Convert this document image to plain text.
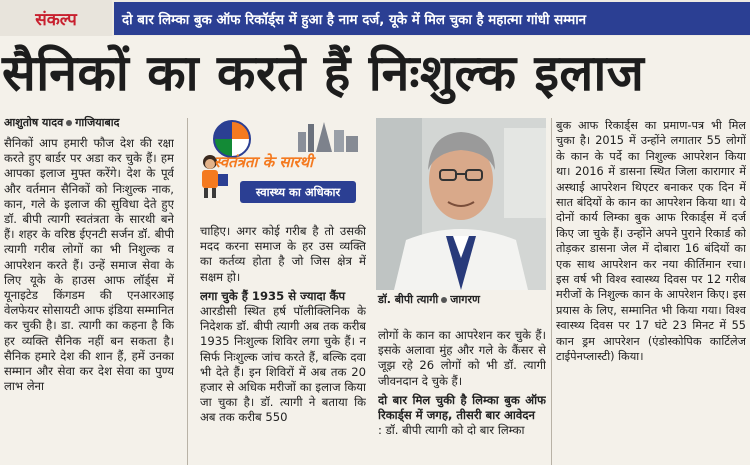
संकल्प	दो बार लिम्का बुक ऑफ रिकॉर्ड्स में हुआ है नाम दर्ज, यूके में मिल चुका है महात्मा गांधी सम्मान
सैनिकों का करते हैं निःशुल्क इलाज
आशुतोष यादव गाजियाबाद

सैनिकों आप हमारी फौज देश की रक्षा करते हुए बार्डर पर अडा कर चुके हैं। हम आपका इलाज मुफ्त करेंगे। देश के पूर्व और वर्तमान सैनिकों को निःशुल्क नाक, कान, गले के इलाज की सुविधा देते हुए डॉ. बीपी त्यागी स्वतंत्रता के सारथी बने हैं। शहर के वरिष्ठ ईएनटी सर्जन डॉ. बीपी त्यागी गरीब लोगों का भी निशुल्क व आपरेशन करते हैं। उन्हें समाज सेवा के लिए यूके के हाउस आफ लॉर्ड्स में यूनाइटेड किंगडम की एनआरआइ वेलफेयर सोसायटी आफ इंडिया सम्मानित कर चुकी है। डा. त्यागी का कहना है कि हर व्यक्ति सैनिक नहीं बन सकता है। सैनिक हमारे देश की शान हैं, हमें उनका सम्मान और सेवा कर देश सेवा का पुण्य लाभ लेना

स्वतंत्रता के सारथी
स्वास्थ्य का अधिकार

चाहिए। अगर कोई गरीब है तो उसकी मदद करना समाज के हर उस व्यक्ति का कर्तव्य होता है जो जिस क्षेत्र में सक्षम हो।

लगा चुके हैं 1935 से ज्यादा कैंप

आरडीसी स्थित हर्ष पॉलीक्लिनिक के निदेशक डॉ. बीपी त्यागी अब तक करीब 1935 निःशुल्क शिविर लगा चुके हैं। न सिर्फ निःशुल्क जांच करते हैं, बल्कि दवा भी देते हैं। इन शिविरों में अब तक 20 हजार से अधिक मरीजों का इलाज किया जा चुका है। डॉ. त्यागी ने बताया कि अब तक करीब 550

डॉ. बीपी त्यागी जागरण

लोगों के कान का आपरेशन कर चुके हैं। इसके अलावा मुंह और गले के कैंसर से जूझ रहे 26 लोगों को भी डॉ. त्यागी जीवनदान दे चुके हैं।

दो बार मिल चुकी है लिम्का बुक ऑफ रिकार्ड्स में जगह, तीसरी बार आवेदन

: डॉ. बीपी त्यागी को दो बार लिम्का

बुक आफ रिकार्ड्स का प्रमाण-पत्र भी मिल चुका है। 2015 में उन्होंने लगातार 55 लोगों के कान के पर्दे का निशुल्क आपरेशन किया था। 2016 में डासना स्थित जिला कारागार में अस्थाई आपरेशन थिएटर बनाकर एक दिन में सात बंदियों के कान का आपरेशन किया था। ये दोनों कार्य लिम्का बुक आफ रिकार्ड्स में दर्ज किए जा चुके हैं। उन्होंने अपने पुराने रिकार्ड को तोड़कर डासना जेल में दोबारा 16 बंदियों का एक साथ आपरेशन कर नया कीर्तिमान रचा। इस वर्ष भी विश्व स्वास्थ्य दिवस पर 12 गरीब मरीजों के निशुल्क कान के आपरेशन किए। इस प्रयास के लिए, सम्मानित भी किया गया। विश्व स्वास्थ्य दिवस पर 17 घंटे 23 मिनट में 55 कान ड्रम आपरेशन (एंडोस्कोपिक कार्टिलेज टाईपेनप्लास्टी) किया।
